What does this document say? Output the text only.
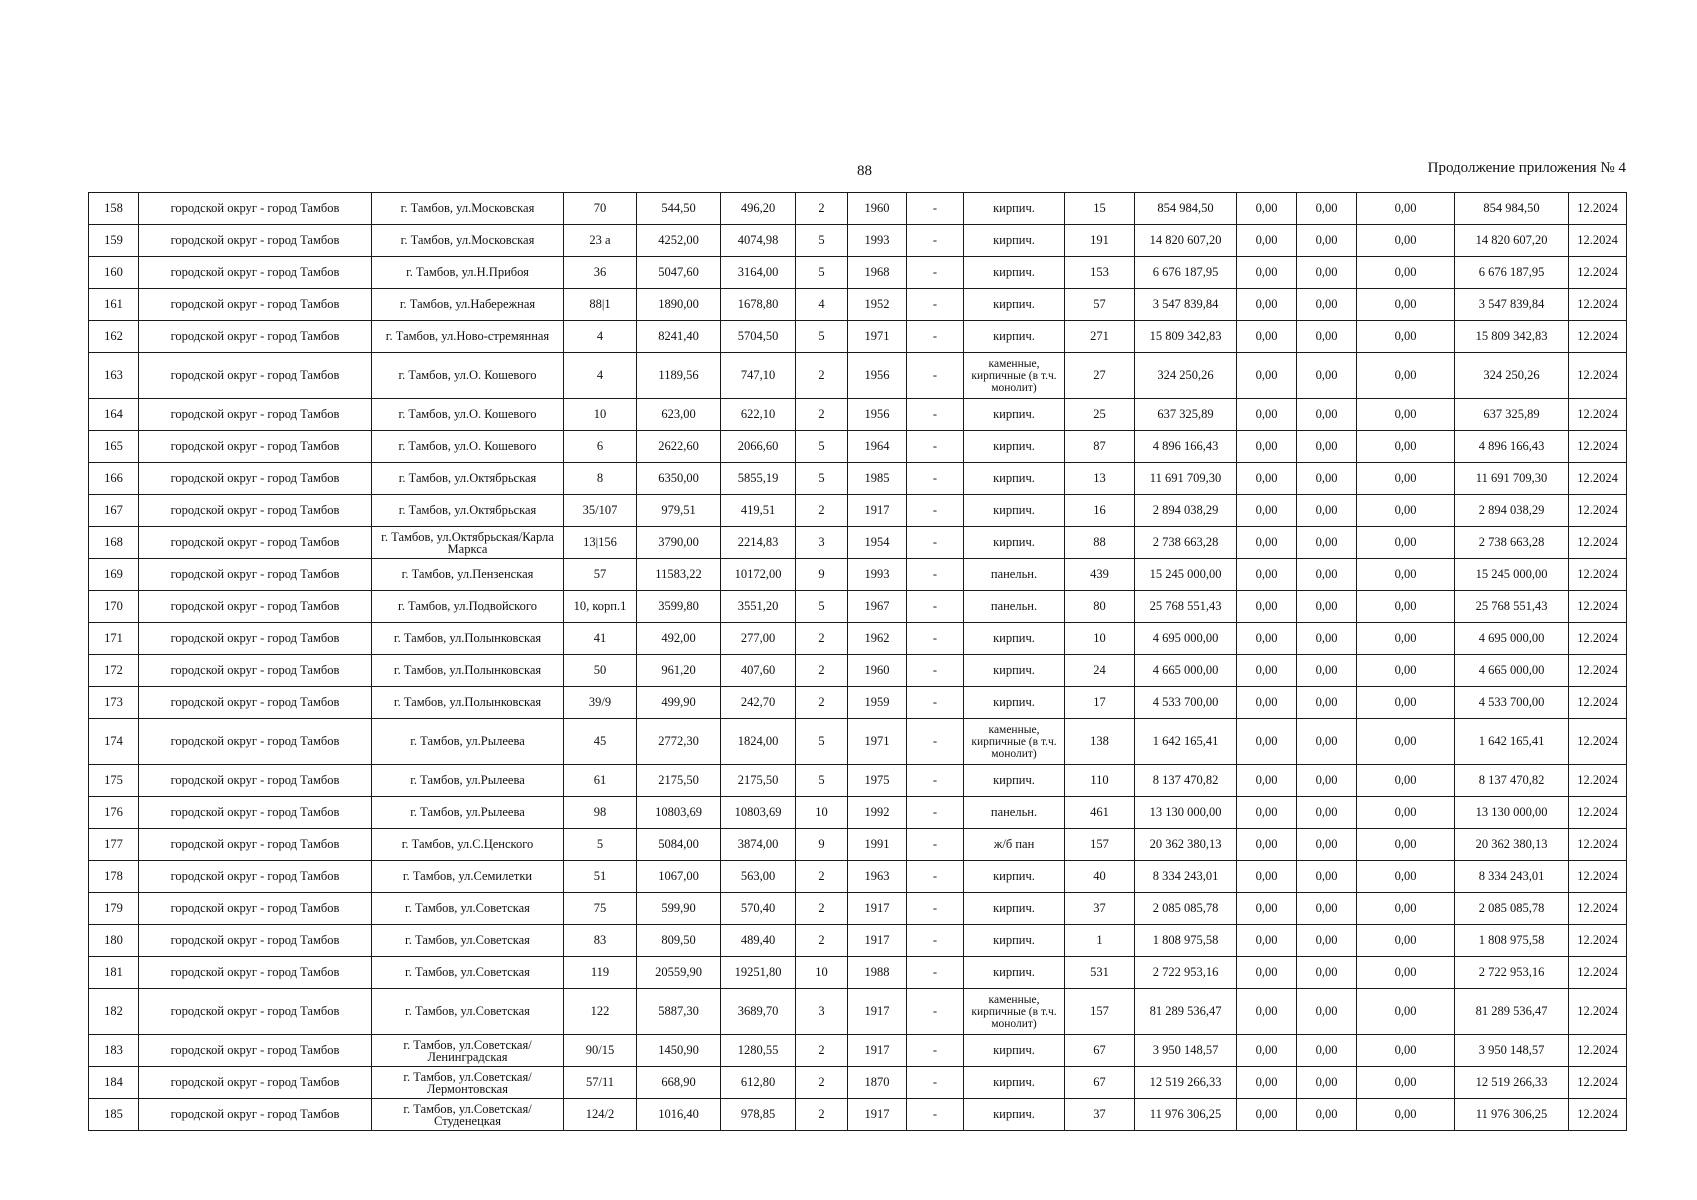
88	Продолжение приложения № 4
158	городской округ - город Тамбов	г. Тамбов, ул.Московская	70	544,50	496,20	2	1960	-	кирпич.	15	854 984,50	0,00	0,00	0,00	854 984,50	12.2024
159	городской округ - город Тамбов	г. Тамбов, ул.Московская	23 а	4252,00	4074,98	5	1993	-	кирпич.	191	14 820 607,20	0,00	0,00	0,00	14 820 607,20	12.2024
160	городской округ - город Тамбов	г. Тамбов, ул.Н.Прибоя	36	5047,60	3164,00	5	1968	-	кирпич.	153	6 676 187,95	0,00	0,00	0,00	6 676 187,95	12.2024
161	городской округ - город Тамбов	г. Тамбов, ул.Набережная	88|1	1890,00	1678,80	4	1952	-	кирпич.	57	3 547 839,84	0,00	0,00	0,00	3 547 839,84	12.2024
162	городской округ - город Тамбов	г. Тамбов, ул.Ново-стремянная	4	8241,40	5704,50	5	1971	-	кирпич.	271	15 809 342,83	0,00	0,00	0,00	15 809 342,83	12.2024
163	городской округ - город Тамбов	г. Тамбов, ул.О. Кошевого	4	1189,56	747,10	2	1956	-	каменные, кирпичные (в т.ч. монолит)	27	324 250,26	0,00	0,00	0,00	324 250,26	12.2024
164	городской округ - город Тамбов	г. Тамбов, ул.О. Кошевого	10	623,00	622,10	2	1956	-	кирпич.	25	637 325,89	0,00	0,00	0,00	637 325,89	12.2024
165	городской округ - город Тамбов	г. Тамбов, ул.О. Кошевого	6	2622,60	2066,60	5	1964	-	кирпич.	87	4 896 166,43	0,00	0,00	0,00	4 896 166,43	12.2024
166	городской округ - город Тамбов	г. Тамбов, ул.Октябрьская	8	6350,00	5855,19	5	1985	-	кирпич.	13	11 691 709,30	0,00	0,00	0,00	11 691 709,30	12.2024
167	городской округ - город Тамбов	г. Тамбов, ул.Октябрьская	35/107	979,51	419,51	2	1917	-	кирпич.	16	2 894 038,29	0,00	0,00	0,00	2 894 038,29	12.2024
168	городской округ - город Тамбов	г. Тамбов, ул.Октябрьская/Карла Маркса	13|156	3790,00	2214,83	3	1954	-	кирпич.	88	2 738 663,28	0,00	0,00	0,00	2 738 663,28	12.2024
169	городской округ - город Тамбов	г. Тамбов, ул.Пензенская	57	11583,22	10172,00	9	1993	-	панельн.	439	15 245 000,00	0,00	0,00	0,00	15 245 000,00	12.2024
170	городской округ - город Тамбов	г. Тамбов, ул.Подвойского	10, корп.1	3599,80	3551,20	5	1967	-	панельн.	80	25 768 551,43	0,00	0,00	0,00	25 768 551,43	12.2024
171	городской округ - город Тамбов	г. Тамбов, ул.Полынковская	41	492,00	277,00	2	1962	-	кирпич.	10	4 695 000,00	0,00	0,00	0,00	4 695 000,00	12.2024
172	городской округ - город Тамбов	г. Тамбов, ул.Полынковская	50	961,20	407,60	2	1960	-	кирпич.	24	4 665 000,00	0,00	0,00	0,00	4 665 000,00	12.2024
173	городской округ - город Тамбов	г. Тамбов, ул.Полынковская	39/9	499,90	242,70	2	1959	-	кирпич.	17	4 533 700,00	0,00	0,00	0,00	4 533 700,00	12.2024
174	городской округ - город Тамбов	г. Тамбов, ул.Рылеева	45	2772,30	1824,00	5	1971	-	каменные, кирпичные (в т.ч. монолит)	138	1 642 165,41	0,00	0,00	0,00	1 642 165,41	12.2024
175	городской округ - город Тамбов	г. Тамбов, ул.Рылеева	61	2175,50	2175,50	5	1975	-	кирпич.	110	8 137 470,82	0,00	0,00	0,00	8 137 470,82	12.2024
176	городской округ - город Тамбов	г. Тамбов, ул.Рылеева	98	10803,69	10803,69	10	1992	-	панельн.	461	13 130 000,00	0,00	0,00	0,00	13 130 000,00	12.2024
177	городской округ - город Тамбов	г. Тамбов, ул.С.Ценского	5	5084,00	3874,00	9	1991	-	ж/б пан	157	20 362 380,13	0,00	0,00	0,00	20 362 380,13	12.2024
178	городской округ - город Тамбов	г. Тамбов, ул.Семилетки	51	1067,00	563,00	2	1963	-	кирпич.	40	8 334 243,01	0,00	0,00	0,00	8 334 243,01	12.2024
179	городской округ - город Тамбов	г. Тамбов, ул.Советская	75	599,90	570,40	2	1917	-	кирпич.	37	2 085 085,78	0,00	0,00	0,00	2 085 085,78	12.2024
180	городской округ - город Тамбов	г. Тамбов, ул.Советская	83	809,50	489,40	2	1917	-	кирпич.	1	1 808 975,58	0,00	0,00	0,00	1 808 975,58	12.2024
181	городской округ - город Тамбов	г. Тамбов, ул.Советская	119	20559,90	19251,80	10	1988	-	кирпич.	531	2 722 953,16	0,00	0,00	0,00	2 722 953,16	12.2024
182	городской округ - город Тамбов	г. Тамбов, ул.Советская	122	5887,30	3689,70	3	1917	-	каменные, кирпичные (в т.ч. монолит)	157	81 289 536,47	0,00	0,00	0,00	81 289 536,47	12.2024
183	городской округ - город Тамбов	г. Тамбов, ул.Советская/ Ленинградская	90/15	1450,90	1280,55	2	1917	-	кирпич.	67	3 950 148,57	0,00	0,00	0,00	3 950 148,57	12.2024
184	городской округ - город Тамбов	г. Тамбов, ул.Советская/Лермонтовская	57/11	668,90	612,80	2	1870	-	кирпич.	67	12 519 266,33	0,00	0,00	0,00	12 519 266,33	12.2024
185	городской округ - город Тамбов	г. Тамбов, ул.Советская/Студенецкая	124/2	1016,40	978,85	2	1917	-	кирпич.	37	11 976 306,25	0,00	0,00	0,00	11 976 306,25	12.2024
